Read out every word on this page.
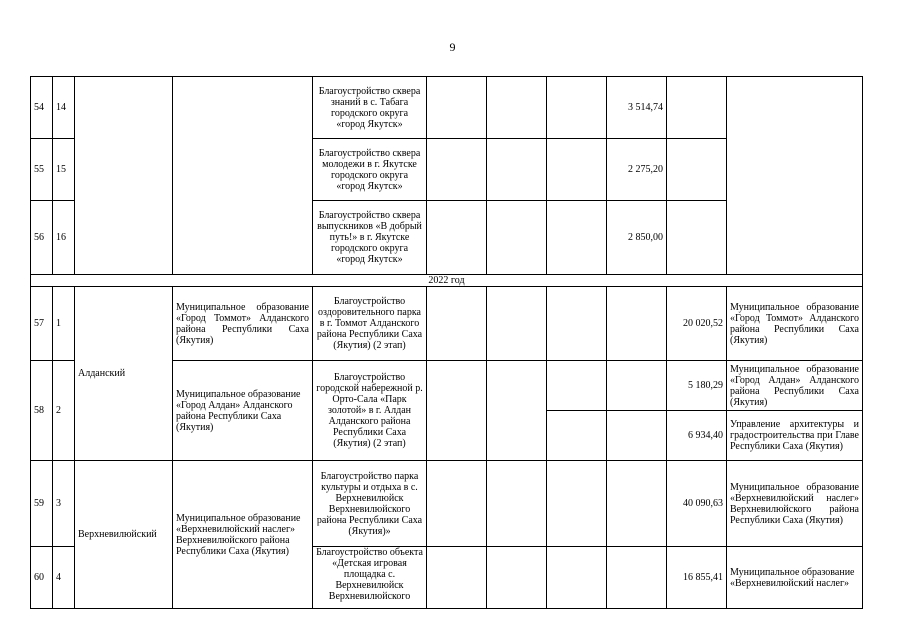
9
54	14			Благоустройство сквера знаний в с. Табага городского округа «город Якутск»				3 514,74		
55	15			Благоустройство сквера молодежи в г. Якутске городского округа «город Якутск»				2 275,20		
56	16			Благоустройство сквера выпускников «В добрый путь!» в г. Якутске городского округа «город Якутск»				2 850,00		
2022 год										
57	1	Алданский	Муниципальное образование «Город Томмот» Алданского района Республики Саха (Якутия)	Благоустройство оздоровительного парка в г. Томмот Алданского района Республики Саха (Якутия) (2 этап)					20 020,52	Муниципальное образование «Город Томмот» Алданского района Республики Саха (Якутия)
58	2		Муниципальное образование «Город Алдан» Алданского района Республики Саха (Якутия)	Благоустройство городской набережной р. Орто-Сала «Парк золотой» в г. Алдан Алданского района Республики Саха (Якутия) (2 этап)					5 180,29	Муниципальное образование «Город Алдан» Алданского района Республики Саха (Якутия)
									6 934,40	Управление архитектуры и градостроительства при Главе Республики Саха (Якутия)
59	3	Верхневилюйский	Муниципальное образование «Верхневилюйский наслег» Верхневилюйского района Республики Саха (Якутия)	Благоустройство парка культуры и отдыха в с. Верхневилюйск Верхневилюйского района Республики Саха (Якутия)»					40 090,63	Муниципальное образование «Верхневилюйский наслег» Верхневилюйского района Республики Саха (Якутия)
60	4			Благоустройство объекта «Детская игровая площадка с. Верхневилюйск Верхневилюйского					16 855,41	Муниципальное образование «Верхневилюйский наслег»
